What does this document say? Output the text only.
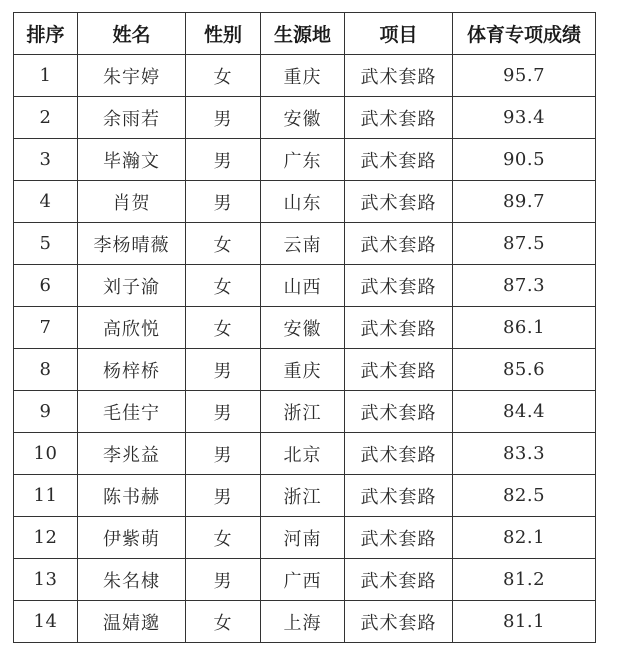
排序	姓名	性别	生源地	项目	体育专项成绩
1	朱宇婷	女	重庆	武术套路	95.7
2	余雨若	男	安徽	武术套路	93.4
3	毕瀚文	男	广东	武术套路	90.5
4	肖贺	男	山东	武术套路	89.7
5	李杨晴薇	女	云南	武术套路	87.5
6	刘子渝	女	山西	武术套路	87.3
7	高欣悦	女	安徽	武术套路	86.1
8	杨梓桥	男	重庆	武术套路	85.6
9	毛佳宁	男	浙江	武术套路	84.4
10	李兆益	男	北京	武术套路	83.3
11	陈书赫	男	浙江	武术套路	82.5
12	伊紫萌	女	河南	武术套路	82.1
13	朱名棣	男	广西	武术套路	81.2
14	温婧邈	女	上海	武术套路	81.1
